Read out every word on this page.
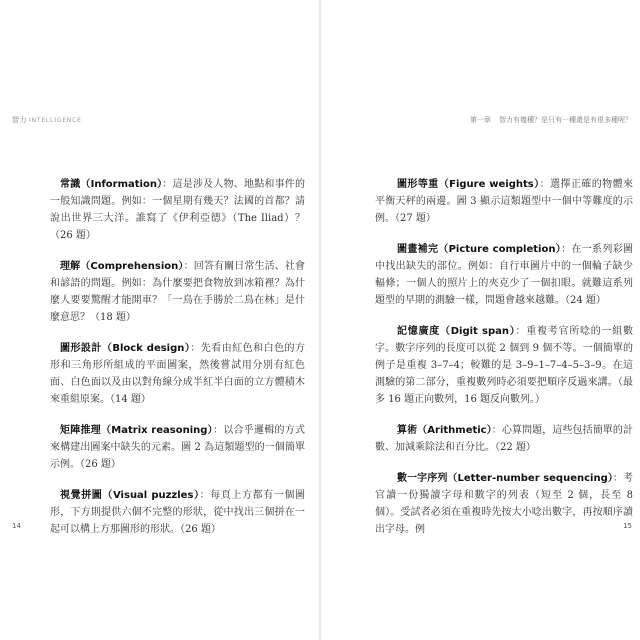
智力 INTELLIGENCE

常識（Information）：這是涉及人物、地點和事件的一般知識問題。例如：一個星期有幾天？法國的首都？請說出世界三大洋。誰寫了《伊利亞德》（The Iliad）？（26 題）

理解（Comprehension）：回答有關日常生活、社會和諺語的問題。例如：為什麼要把食物放到冰箱裡？為什麼人要要驚醒才能開車？「一鳥在手勝於二鳥在林」是什麼意思？（18 題）

圖形設計（Block design）：先看由紅色和白色的方形和三角形所組成的平面圖案，然後嘗試用分別有紅色面、白色面以及由以對角線分成半紅半白面的立方體積木來重組原案。（14 題）

矩陣推理（Matrix reasoning）：以合乎邏輯的方式來構建出圖案中缺失的元素。圖 2 為這類題型的一個簡單示例。（26 題）

視覺拼圖（Visual puzzles）：每頁上方都有一個圖形，下方則提供六個不完整的形狀，從中找出三個拼在一起可以構上方那圖形的形狀。（26 題）

14
第一章 智力有幾種？是只有一種還是有很多種呢？

圖形等重（Figure weights）：選擇正確的物體來平衡天秤的兩邊。圖 3 顯示這類題型中一個中等難度的示例。（27 題）

圖畫補完（Picture completion）：在一系列彩圖中找出缺失的部位。例如：自行車圖片中的一個輪子缺少輻條；一個人的照片上的夾克少了一個扣眼。就難這系列題型的早期的測驗一樣，問題會越來越難。（24 題）

記憶廣度（Digit span）：重複考官所唸的一組數字。數字序列的長度可以從 2 個到 9 個不等。一個簡單的例子是重複 3–7–4；較難的是 3–9–1–7–4–5–3–9。在這測驗的第二部分，重複數列時必須要把順序反過來講。（最多 16 題正向數列，16 題反向數列。）

算術（Arithmetic）：心算問題，這些包括簡單的計數、加減乘除法和百分比。（22 題）

數一字序列（Letter-number sequencing）：考官讀一份獨讀字母和數字的列表（短至 2 個，長至 8 個）。受試者必須在重複時先按大小唸出數字，再按順序讀出字母。例	15
